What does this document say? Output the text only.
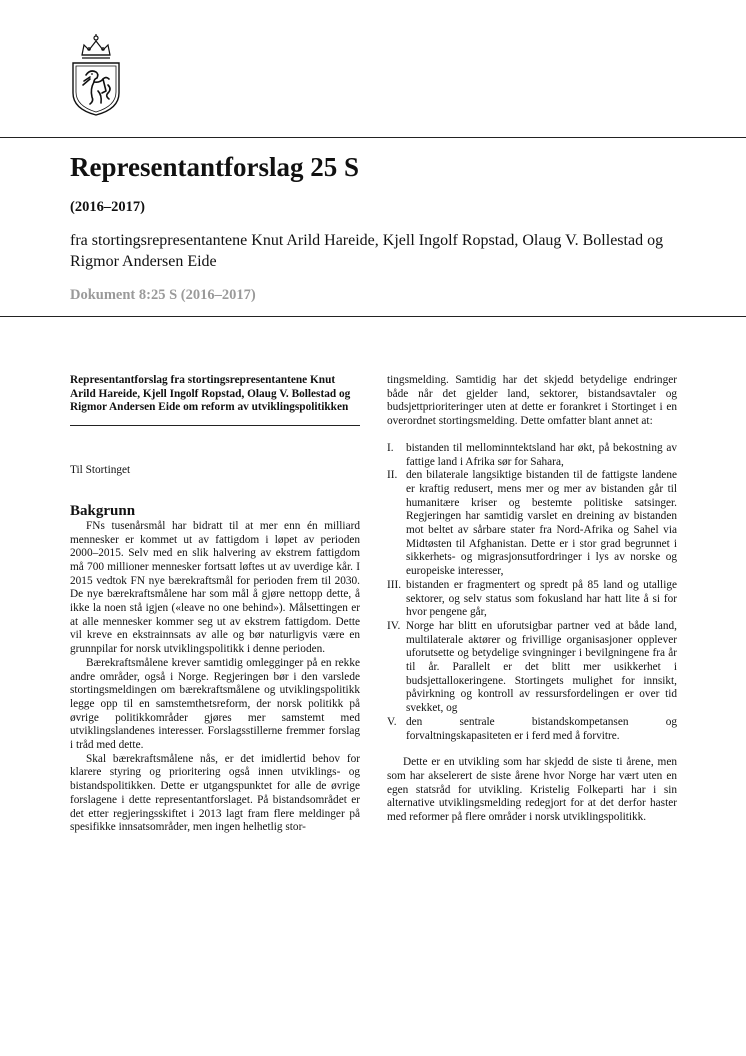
Representantforslag 25 S
(2016–2017)
fra stortingsrepresentantene Knut Arild Hareide, Kjell Ingolf Ropstad, Olaug V. Bollestad og Rigmor Andersen Eide
Dokument 8:25 S (2016–2017)

Representantforslag fra stortingsrepresentantene Knut Arild Hareide, Kjell Ingolf Ropstad, Olaug V. Bollestad og Rigmor Andersen Eide om reform av utviklingspolitikken

Til Stortinget

Bakgrunn

FNs tusenårsmål har bidratt til at mer enn én milliard mennesker er kommet ut av fattigdom i løpet av perioden 2000–2015. Selv med en slik halvering av ekstrem fattigdom må 700 millioner mennesker fortsatt løftes ut av uverdige kår. I 2015 vedtok FN nye bærekraftsmål for perioden frem til 2030. De nye bærekraftsmålene har som mål å gjøre nettopp dette, å ikke la noen stå igjen («leave no one behind»). Målsettingen er at alle mennesker kommer seg ut av ekstrem fattigdom. Dette vil kreve en ekstrainnsats av alle og bør naturligvis være en grunnpilar for norsk utviklingspolitikk i denne perioden.

Bærekraftsmålene krever samtidig omlegginger på en rekke andre områder, også i Norge. Regjeringen bør i den varslede stortingsmeldingen om bærekraftsmålene og utviklingspolitikk legge opp til en samstemthetsreform, der norsk politikk på øvrige politikkområder gjøres mer samstemt med utviklingslandenes interesser. Forslagsstillerne fremmer forslag i tråd med dette.

Skal bærekraftsmålene nås, er det imidlertid behov for klarere styring og prioritering også innen utviklings- og bistandspolitikken. Dette er utgangspunktet for alle de øvrige forslagene i dette representantforslaget. På bistandsområdet er det etter regjeringsskiftet i 2013 lagt fram flere meldinger på spesifikke innsatsområder, men ingen helhetlig stor-

tingsmelding. Samtidig har det skjedd betydelige endringer både når det gjelder land, sektorer, bistandsavtaler og budsjettprioriteringer uten at dette er forankret i Stortinget i en overordnet stortingsmelding. Dette omfatter blant annet at:

I. bistanden til mellominntektsland har økt, på bekostning av fattige land i Afrika sør for Sahara,
II. den bilaterale langsiktige bistanden til de fattigste landene er kraftig redusert, mens mer og mer av bistanden går til humanitære kriser og bestemte politiske satsinger. Regjeringen har samtidig varslet en dreining av bistanden mot beltet av sårbare stater fra Nord-Afrika og Sahel via Midtøsten til Afghanistan. Dette er i stor grad begrunnet i sikkerhets- og migrasjonsutfordringer i lys av norske og europeiske interesser,
III. bistanden er fragmentert og spredt på 85 land og utallige sektorer, og selv status som fokusland har hatt lite å si for hvor pengene går,
IV. Norge har blitt en uforutsigbar partner ved at både land, multilaterale aktører og frivillige organisasjoner opplever uforutsette og betydelige svingninger i bevilgningene fra år til år. Parallelt er det blitt mer usikkerhet i budsjettalloкeringene. Stortingets mulighet for innsikt, påvirkning og kontroll av ressursfordelingen er over tid svekket, og
V. den sentrale bistandskompetansen og forvaltningskapasiteten er i ferd med å forvitre.

Dette er en utvikling som har skjedd de siste ti årene, men som har akselerert de siste årene hvor Norge har vært uten en egen statsråd for utvikling. Kristelig Folkeparti har i sin alternative utviklingsmelding redegjort for at det derfor haster med reformer på flere områder i norsk utviklingspolitikk.
